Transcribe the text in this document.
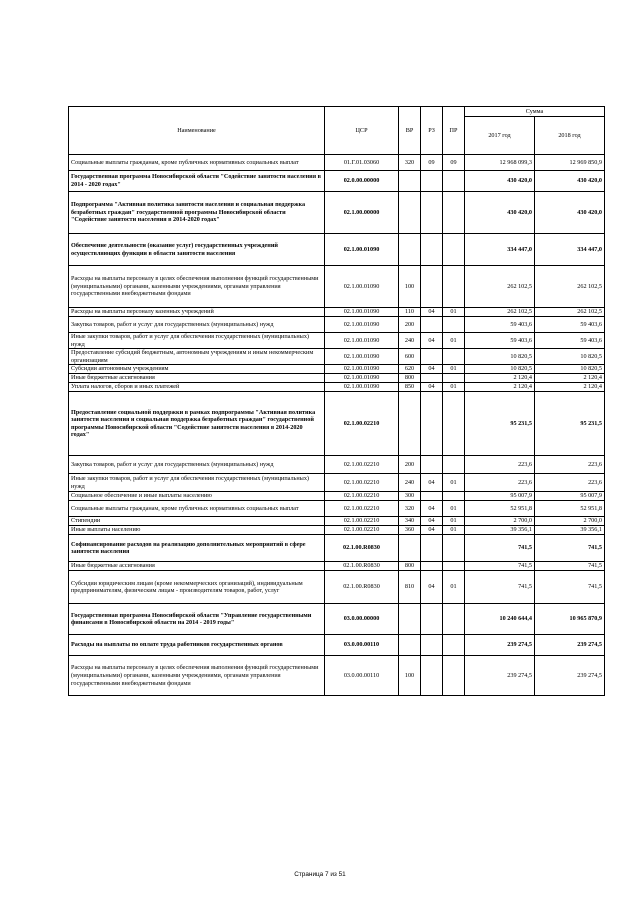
Наименование	ЦСР	ВР	РЗ	ПР	Сумма	
					2017 год	2018 год
Социальные выплаты гражданам, кроме публичных нормативных социальных выплат	01.Г.01.03060	320	09	09	12 968 099,3	12 969 850,9
Государственная программа Новосибирской области "Содействие занятости населения в 2014 - 2020 годах"	02.0.00.00000				430 420,0	430 420,0
Подпрограмма "Активная политика занятости населения и социальная поддержка безработных граждан" государственной программы Новосибирской области "Содействие занятости населения в 2014-2020 годах"	02.1.00.00000				430 420,0	430 420,0
Обеспечение деятельности (оказание услуг) государственных учреждений осуществляющих функции в области занятости населения	02.1.00.01090				334 447,0	334 447,0
Расходы на выплаты персоналу в целях обеспечения выполнения функций государственными (муниципальными) органами, казенными учреждениями, органами управления государственными внебюджетными фондами	02.1.00.01090	100			262 102,5	262 102,5
Расходы на выплаты персоналу казенных учреждений	02.1.00.01090	110	04	01	262 102,5	262 102,5
Закупка товаров, работ и услуг для государственных (муниципальных) нужд	02.1.00.01090	200			59 403,6	59 403,6
Иные закупки товаров, работ и услуг для обеспечения государственных (муниципальных) нужд	02.1.00.01090	240	04	01	59 403,6	59 403,6
Предоставление субсидий бюджетным, автономным учреждениям и иным некоммерческим организациям	02.1.00.01090	600			10 820,5	10 820,5
Субсидии автономным учреждениям	02.1.00.01090	620	04	01	10 820,5	10 820,5
Иные бюджетные ассигнования	02.1.00.01090	800			2 120,4	2 120,4
Уплата налогов, сборов и иных платежей	02.1.00.01090	850	04	01	2 120,4	2 120,4
Предоставление социальной поддержки в рамках подпрограммы "Активная политика занятости населения и социальная поддержка безработных граждан" государственной программы Новосибирской области "Содействие занятости населения в 2014-2020 годах"	02.1.00.02210				95 231,5	95 231,5
Закупка товаров, работ и услуг для государственных (муниципальных) нужд	02.1.00.02210	200			223,6	223,6
Иные закупки товаров, работ и услуг для обеспечения государственных (муниципальных) нужд	02.1.00.02210	240	04	01	223,6	223,6
Социальное обеспечение и иные выплаты населению	02.1.00.02210	300			95 007,9	95 007,9
Социальные выплаты гражданам, кроме публичных нормативных социальных выплат	02.1.00.02210	320	04	01	52 951,8	52 951,8
Стипендии	02.1.00.02210	340	04	01	2 700,0	2 700,0
Иные выплаты населению	02.1.00.02210	360	04	01	39 356,1	39 356,1
Софинансирование расходов на реализацию дополнительных мероприятий в сфере занятости населения	02.1.00.R0830				741,5	741,5
Иные бюджетные ассигнования	02.1.00.R0830	800			741,5	741,5
Субсидии юридическим лицам (кроме некоммерческих организаций), индивидуальным предпринимателям, физическим лицам - производителям товаров, работ, услуг	02.1.00.R0830	810	04	01	741,5	741,5
Государственная программа Новосибирской области "Управление государственными финансами в Новосибирской области на 2014 - 2019 годы"	03.0.00.00000				10 240 644,4	10 965 870,9
Расходы на выплаты по оплате труда работников государственных органов	03.0.00.00110				239 274,5	239 274,5
Расходы на выплаты персоналу в целях обеспечения выполнения функций государственными (муниципальными) органами, казенными учреждениями, органами управления государственными внебюджетными фондами	03.0.00.00110	100			239 274,5	239 274,5
Страница 7 из 51
